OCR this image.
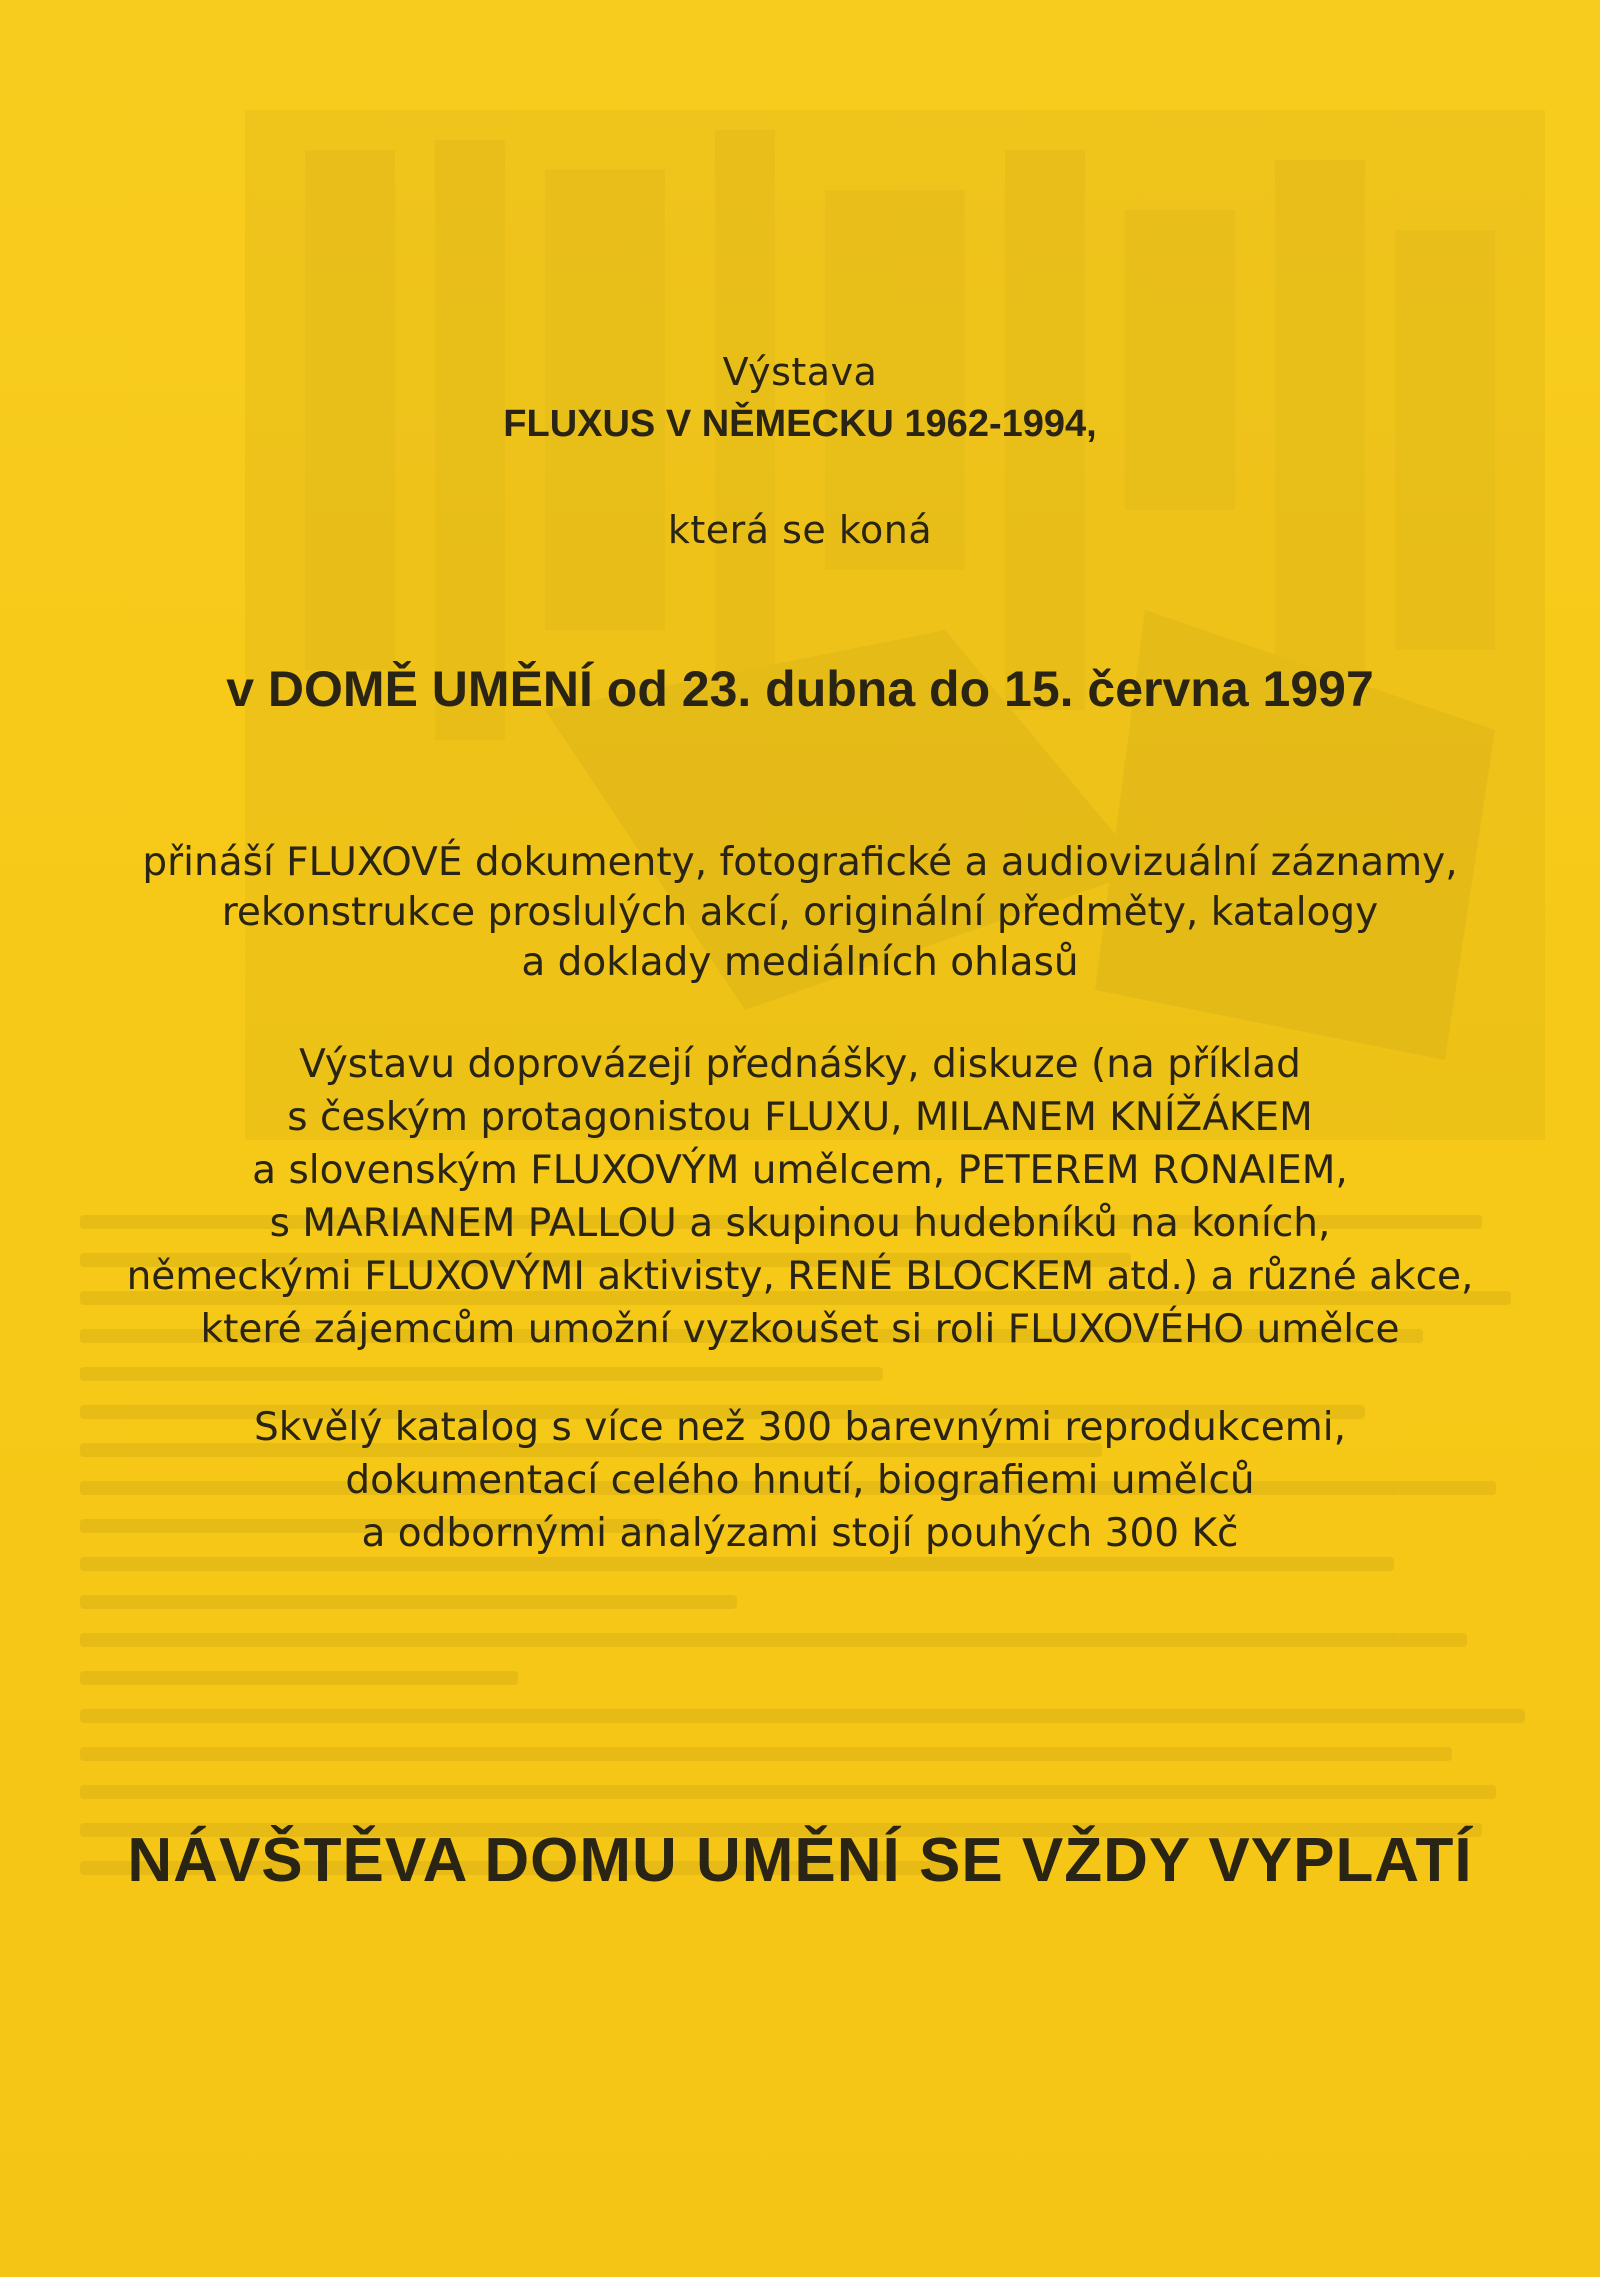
Výstava
FLUXUS V NĚMECKU 1962-1994,
která se koná
v DOMĚ UMĚNÍ od 23. dubna do 15. června 1997
přináší FLUXOVÉ dokumenty, fotografické a audiovizuální záznamy,
rekonstrukce proslulých akcí, originální předměty, katalogy
a doklady mediálních ohlasů
Výstavu doprovázejí přednášky, diskuze (na příklad
s českým protagonistou FLUXU, MILANEM KNÍŽÁKEM
a slovenským FLUXOVÝM umělcem, PETEREM RONAIEM,
s MARIANEM PALLOU a skupinou hudebníků na koních,
německými FLUXOVÝMI aktivisty, RENÉ BLOCKEM atd.) a různé akce,
které zájemcům umožní vyzkoušet si roli FLUXOVÉHO umělce
Skvělý katalog s více než 300 barevnými reprodukcemi,
dokumentací celého hnutí, biografiemi umělců
a odbornými analýzami stojí pouhých 300 Kč
NÁVŠTĚVA DOMU UMĚNÍ SE VŽDY VYPLATÍ
